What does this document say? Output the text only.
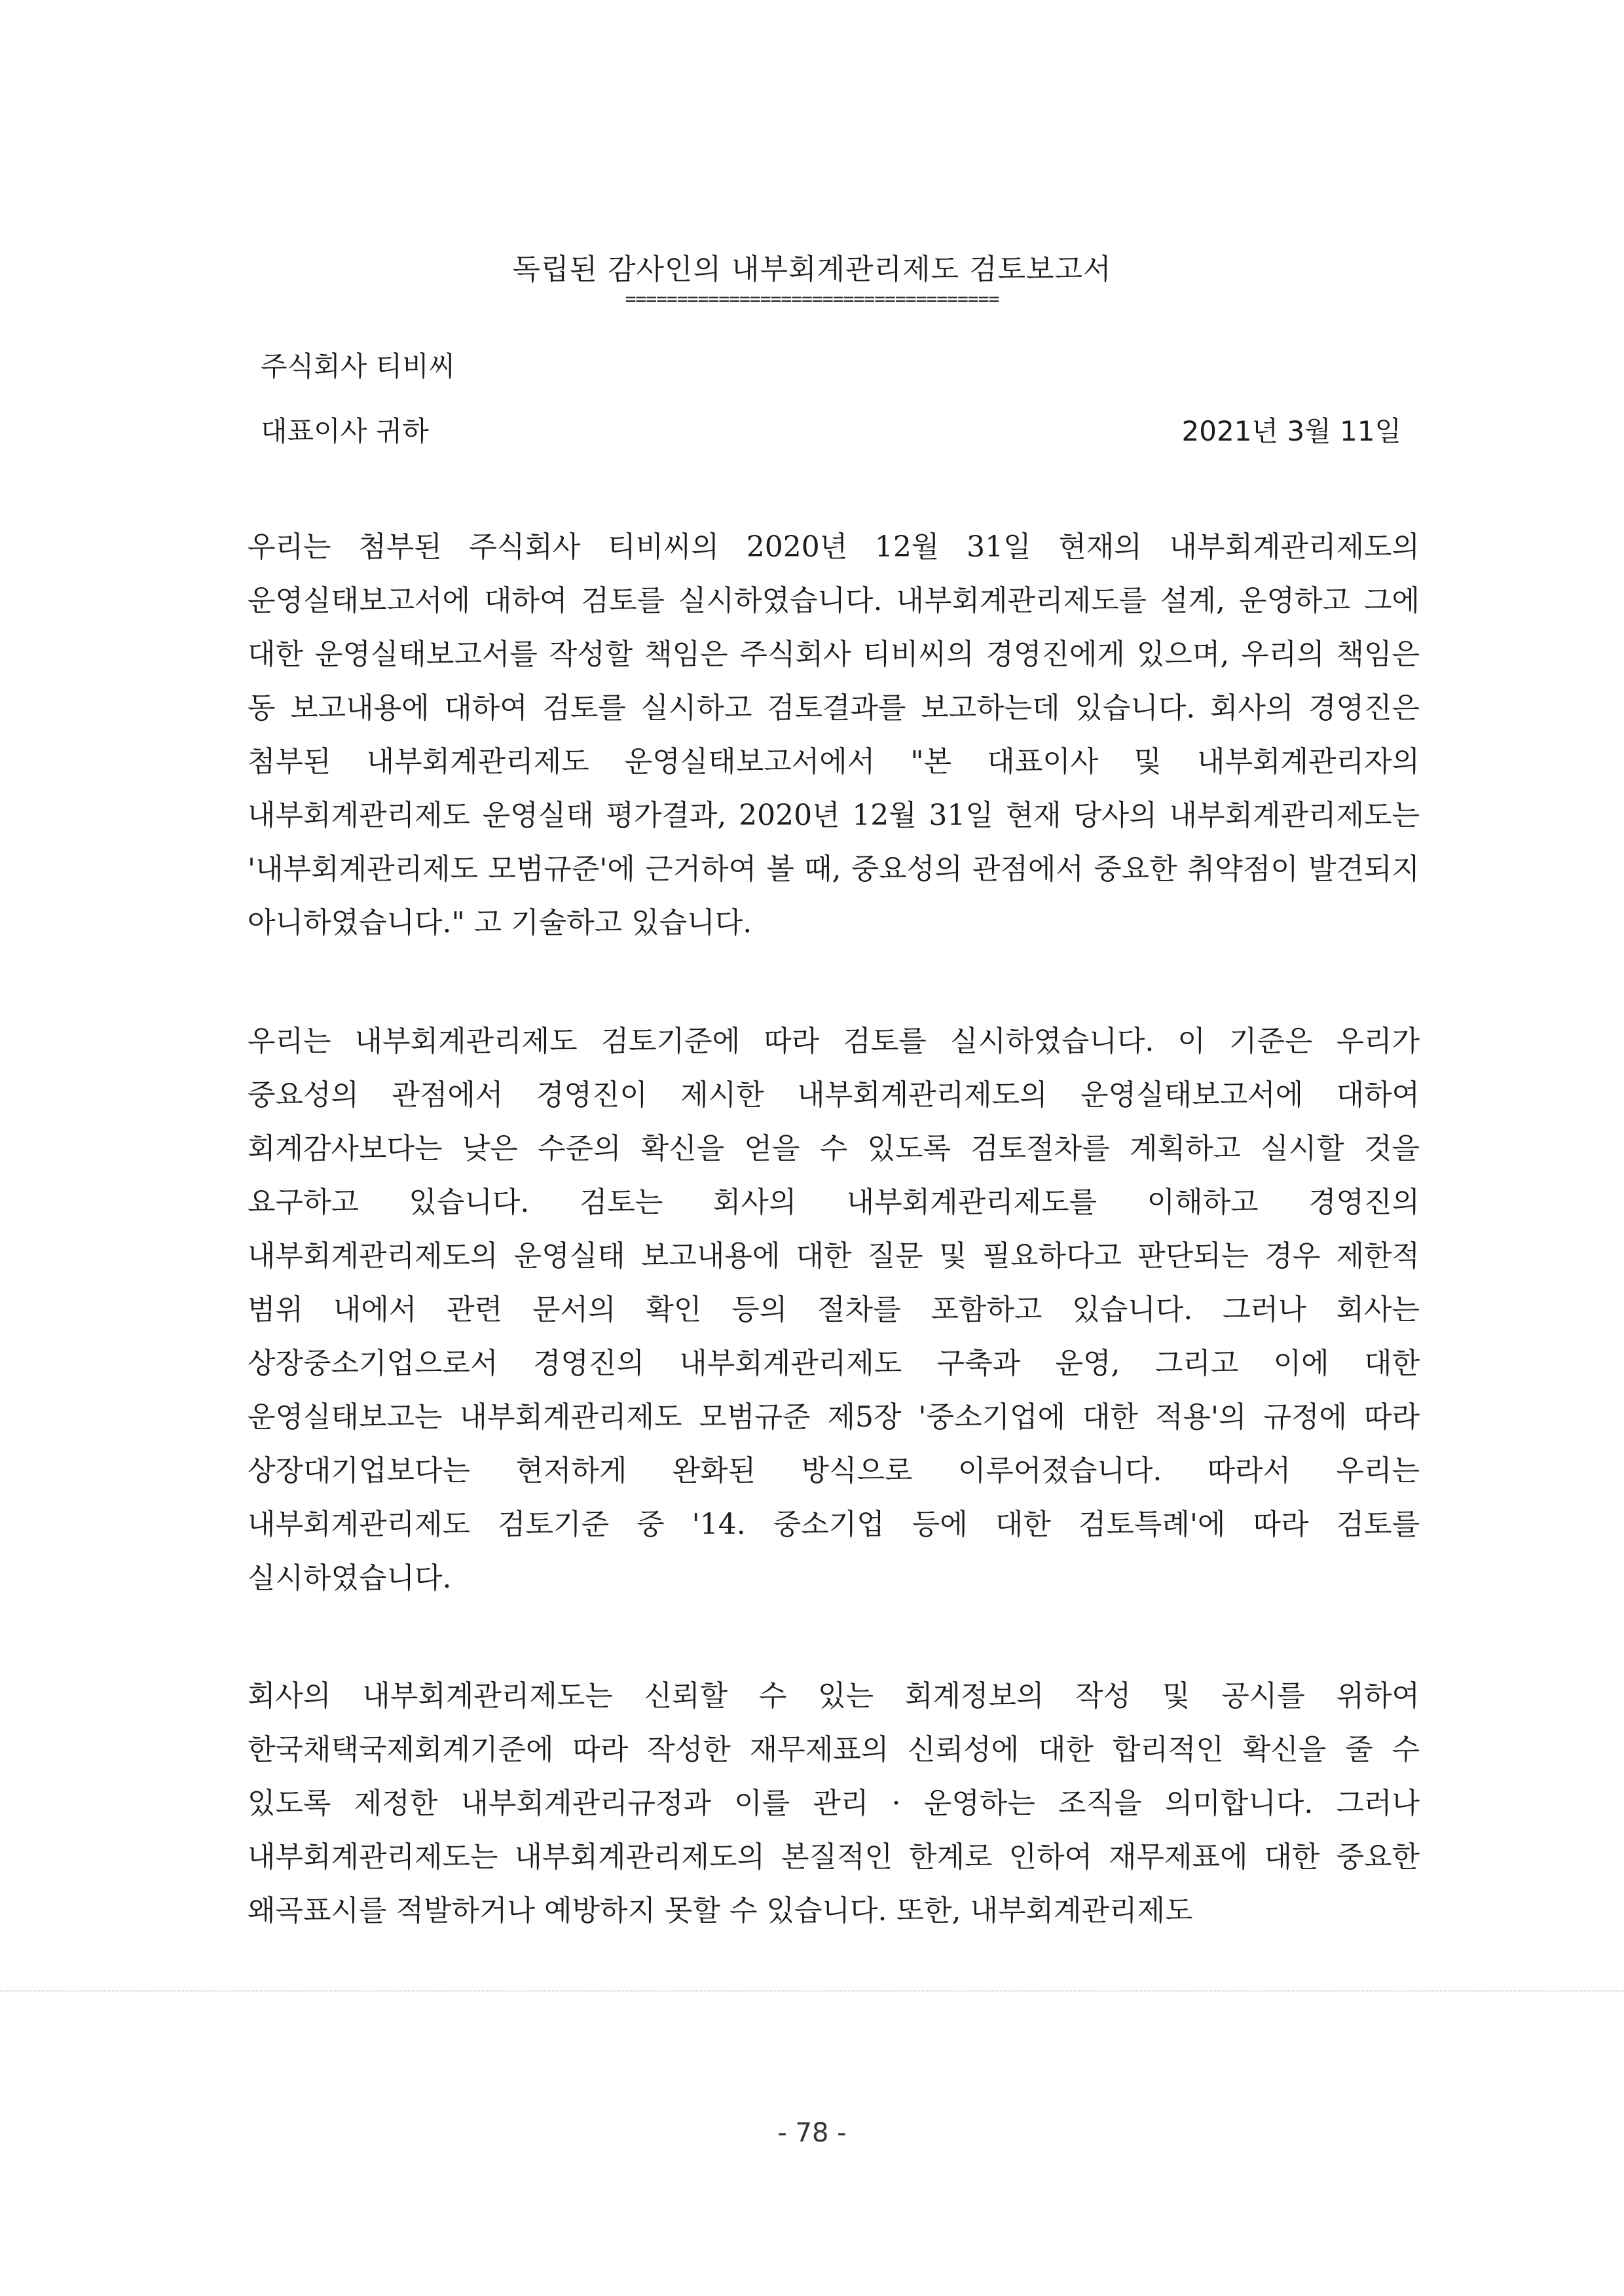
독립된 감사인의 내부회계관리제도 검토보고서
====================================
주식회사 티비씨
대표이사 귀하	2021년 3월 11일

우리는 첨부된 주식회사 티비씨의 2020년 12월 31일 현재의 내부회계관리제도의 운영실태보고서에 대하여 검토를 실시하였습니다. 내부회계관리제도를 설계, 운영하고 그에 대한 운영실태보고서를 작성할 책임은 주식회사 티비씨의 경영진에게 있으며, 우리의 책임은 동 보고내용에 대하여 검토를 실시하고 검토결과를 보고하는데 있습니다. 회사의 경영진은 첨부된 내부회계관리제도 운영실태보고서에서 "본 대표이사 및 내부회계관리자의 내부회계관리제도 운영실태 평가결과, 2020년 12월 31일 현재 당사의 내부회계관리제도는 '내부회계관리제도 모범규준'에 근거하여 볼 때, 중요성의 관점에서 중요한 취약점이 발견되지 아니하였습니다." 고 기술하고 있습니다.

우리는 내부회계관리제도 검토기준에 따라 검토를 실시하였습니다. 이 기준은 우리가 중요성의 관점에서 경영진이 제시한 내부회계관리제도의 운영실태보고서에 대하여 회계감사보다는 낮은 수준의 확신을 얻을 수 있도록 검토절차를 계획하고 실시할 것을 요구하고 있습니다. 검토는 회사의 내부회계관리제도를 이해하고 경영진의 내부회계관리제도의 운영실태 보고내용에 대한 질문 및 필요하다고 판단되는 경우 제한적 범위 내에서 관련 문서의 확인 등의 절차를 포함하고 있습니다. 그러나 회사는 상장중소기업으로서 경영진의 내부회계관리제도 구축과 운영, 그리고 이에 대한 운영실태보고는 내부회계관리제도 모범규준 제5장 '중소기업에 대한 적용'의 규정에 따라 상장대기업보다는 현저하게 완화된 방식으로 이루어졌습니다. 따라서 우리는 내부회계관리제도 검토기준 중 '14. 중소기업 등에 대한 검토특례'에 따라 검토를 실시하였습니다.

회사의 내부회계관리제도는 신뢰할 수 있는 회계정보의 작성 및 공시를 위하여 한국채택국제회계기준에 따라 작성한 재무제표의 신뢰성에 대한 합리적인 확신을 줄 수 있도록 제정한 내부회계관리규정과 이를 관리 · 운영하는 조직을 의미합니다. 그러나 내부회계관리제도는 내부회계관리제도의 본질적인 한계로 인하여 재무제표에 대한 중요한 왜곡표시를 적발하거나 예방하지 못할 수 있습니다. 또한, 내부회계관리제도

- 78 -
